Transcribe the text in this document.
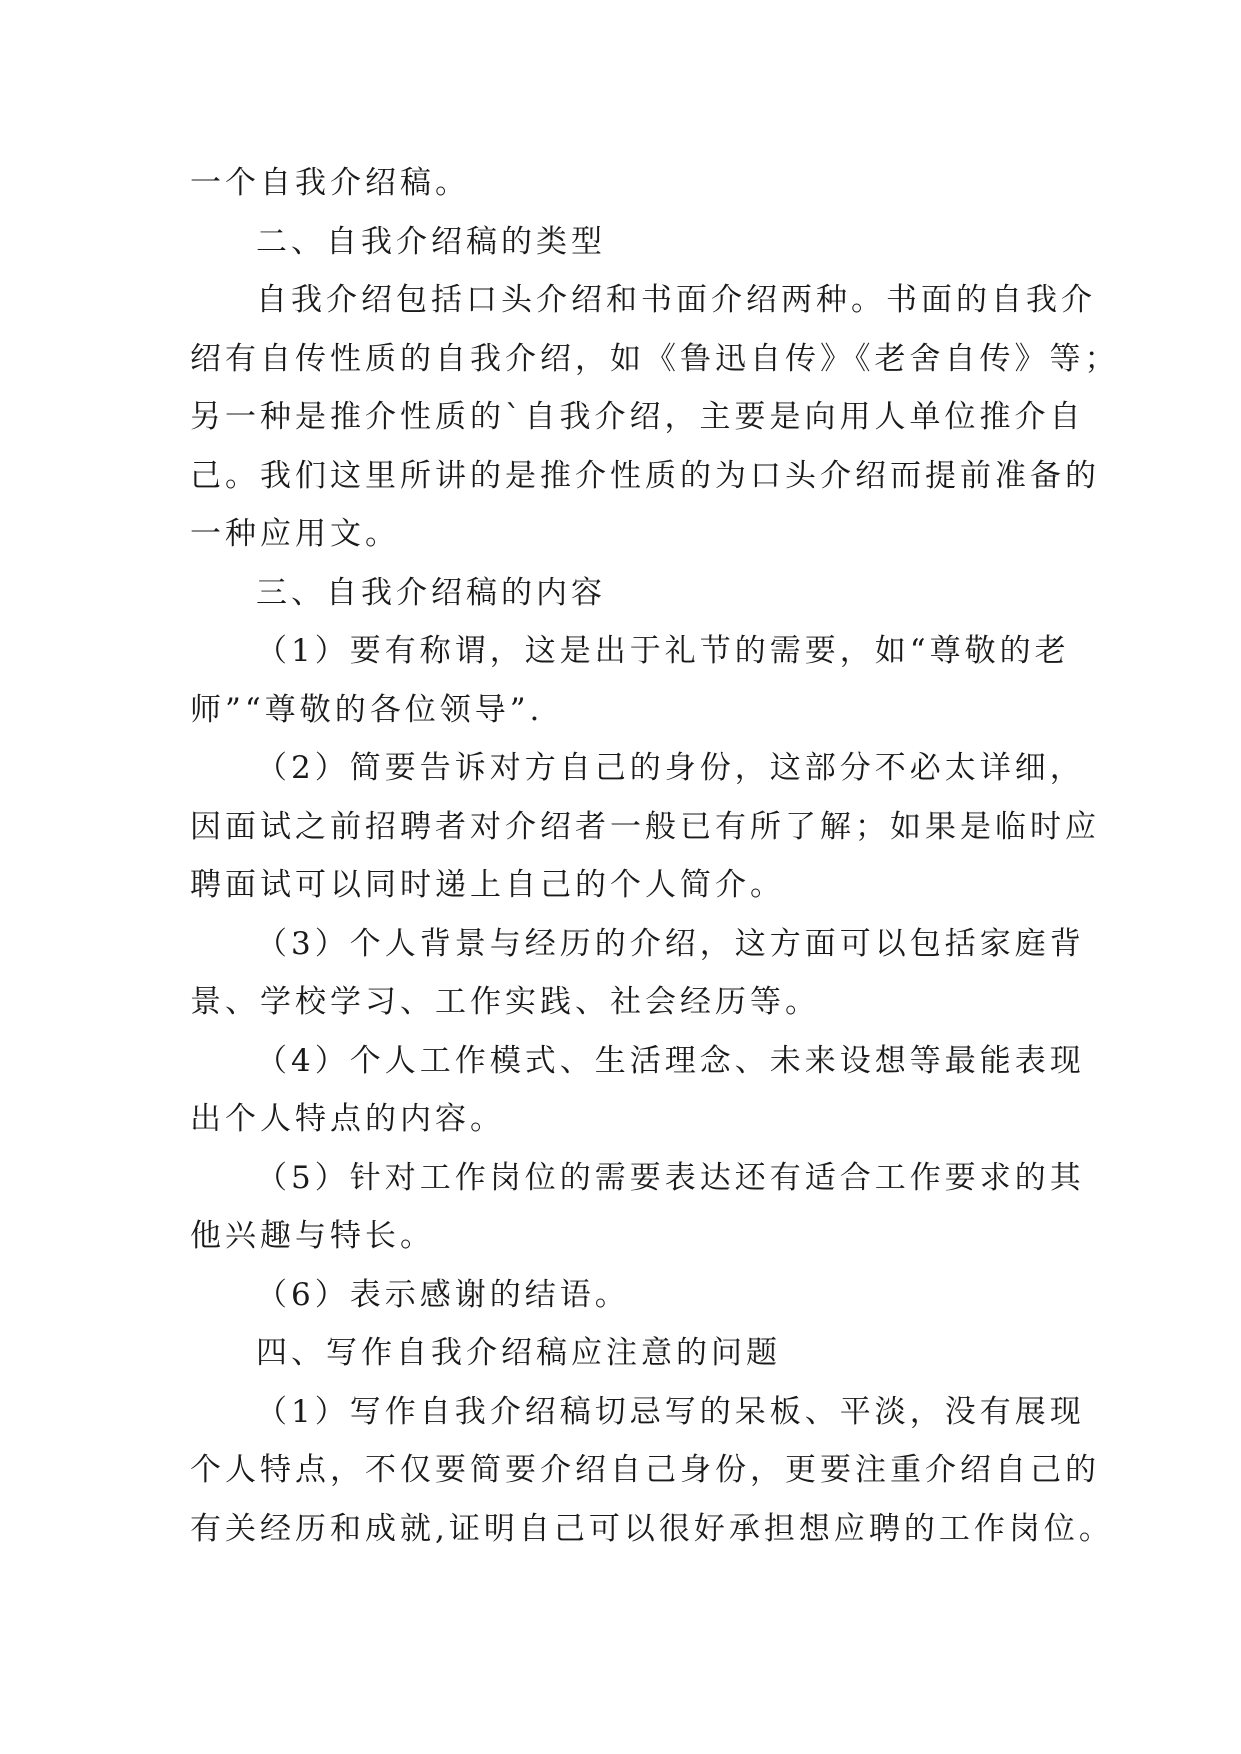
一个自我介绍稿。
二、自我介绍稿的类型
自我介绍包括口头介绍和书面介绍两种。书面的自我介
绍有自传性质的自我介绍，如《鲁迅自传》《老舍自传》等；
另一种是推介性质的`自我介绍，主要是向用人单位推介自
己。我们这里所讲的是推介性质的为口头介绍而提前准备的
一种应用文。
三、自我介绍稿的内容
（1）要有称谓，这是出于礼节的需要，如“尊敬的老
师”“尊敬的各位领导”.
（2）简要告诉对方自己的身份，这部分不必太详细，
因面试之前招聘者对介绍者一般已有所了解；如果是临时应
聘面试可以同时递上自己的个人简介。
（3）个人背景与经历的介绍，这方面可以包括家庭背
景、学校学习、工作实践、社会经历等。
（4）个人工作模式、生活理念、未来设想等最能表现
出个人特点的内容。
（5）针对工作岗位的需要表达还有适合工作要求的其
他兴趣与特长。
（6）表示感谢的结语。
四、写作自我介绍稿应注意的问题
（1）写作自我介绍稿切忌写的呆板、平淡，没有展现
个人特点，不仅要简要介绍自己身份，更要注重介绍自己的
有关经历和成就,证明自己可以很好承担想应聘的工作岗位。
